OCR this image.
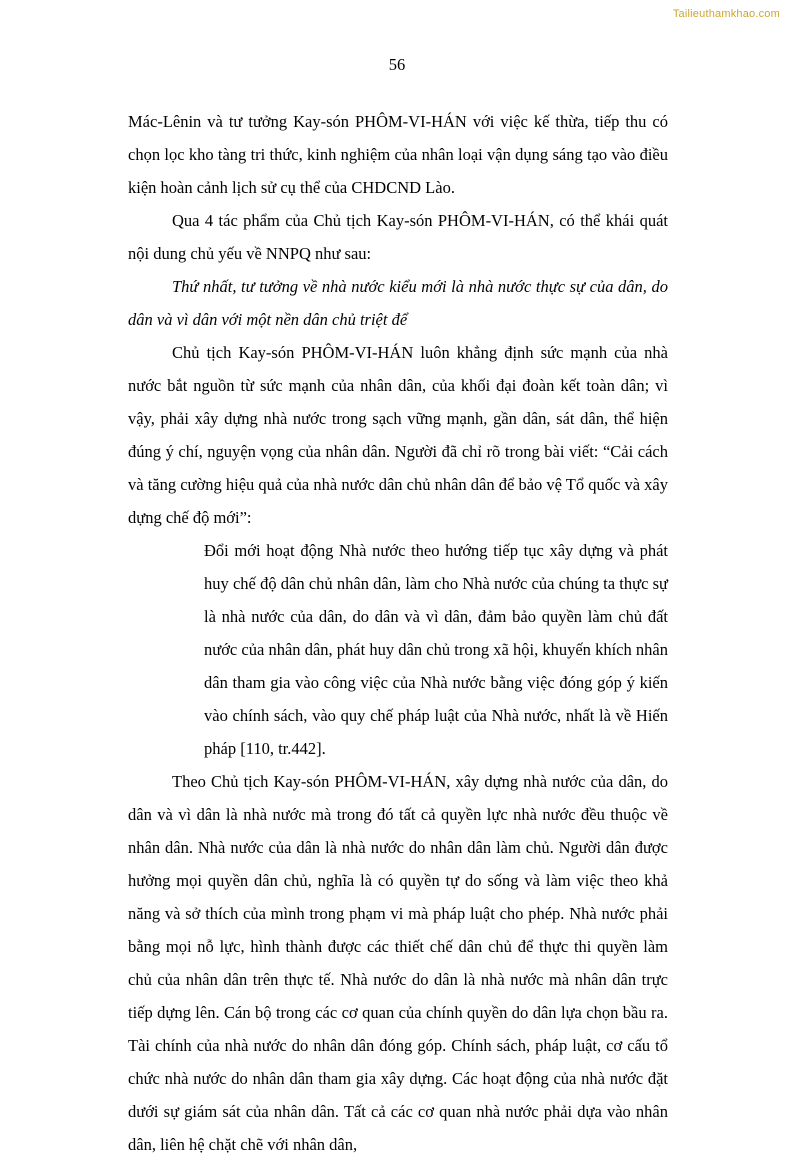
Tailieuthamkhao.com
56

Mác-Lênin và tư tưởng Kay-són PHÔM-VI-HÁN với việc kế thừa, tiếp thu có chọn lọc kho tàng tri thức, kinh nghiệm của nhân loại vận dụng sáng tạo vào điều kiện hoàn cảnh lịch sử cụ thể của CHDCND Lào.

Qua 4 tác phẩm của Chủ tịch Kay-són PHÔM-VI-HÁN, có thể khái quát nội dung chủ yếu về NNPQ như sau:

Thứ nhất, tư tưởng về nhà nước kiểu mới là nhà nước thực sự của dân, do dân và vì dân với một nền dân chủ triệt để

Chủ tịch Kay-són PHÔM-VI-HÁN luôn khẳng định sức mạnh của nhà nước bắt nguồn từ sức mạnh của nhân dân, của khối đại đoàn kết toàn dân; vì vậy, phải xây dựng nhà nước trong sạch vững mạnh, gần dân, sát dân, thể hiện đúng ý chí, nguyện vọng của nhân dân. Người đã chỉ rõ trong bài viết: “Cải cách và tăng cường hiệu quả của nhà nước dân chủ nhân dân để bảo vệ Tổ quốc và xây dựng chế độ mới”:

Đổi mới hoạt động Nhà nước theo hướng tiếp tục xây dựng và phát huy chế độ dân chủ nhân dân, làm cho Nhà nước của chúng ta thực sự là nhà nước của dân, do dân và vì dân, đảm bảo quyền làm chủ đất nước của nhân dân, phát huy dân chủ trong xã hội, khuyến khích nhân dân tham gia vào công việc của Nhà nước bằng việc đóng góp ý kiến vào chính sách, vào quy chế pháp luật của Nhà nước, nhất là về Hiến pháp [110, tr.442].

Theo Chủ tịch Kay-són PHÔM-VI-HÁN, xây dựng nhà nước của dân, do dân và vì dân là nhà nước mà trong đó tất cả quyền lực nhà nước đều thuộc về nhân dân. Nhà nước của dân là nhà nước do nhân dân làm chủ. Người dân được hưởng mọi quyền dân chủ, nghĩa là có quyền tự do sống và làm việc theo khả năng và sở thích của mình trong phạm vi mà pháp luật cho phép. Nhà nước phải bằng mọi nỗ lực, hình thành được các thiết chế dân chủ để thực thi quyền làm chủ của nhân dân trên thực tế. Nhà nước do dân là nhà nước mà nhân dân trực tiếp dựng lên. Cán bộ trong các cơ quan của chính quyền do dân lựa chọn bầu ra. Tài chính của nhà nước do nhân dân đóng góp. Chính sách, pháp luật, cơ cấu tổ chức nhà nước do nhân dân tham gia xây dựng. Các hoạt động của nhà nước đặt dưới sự giám sát của nhân dân. Tất cả các cơ quan nhà nước phải dựa vào nhân dân, liên hệ chặt chẽ với nhân dân,
